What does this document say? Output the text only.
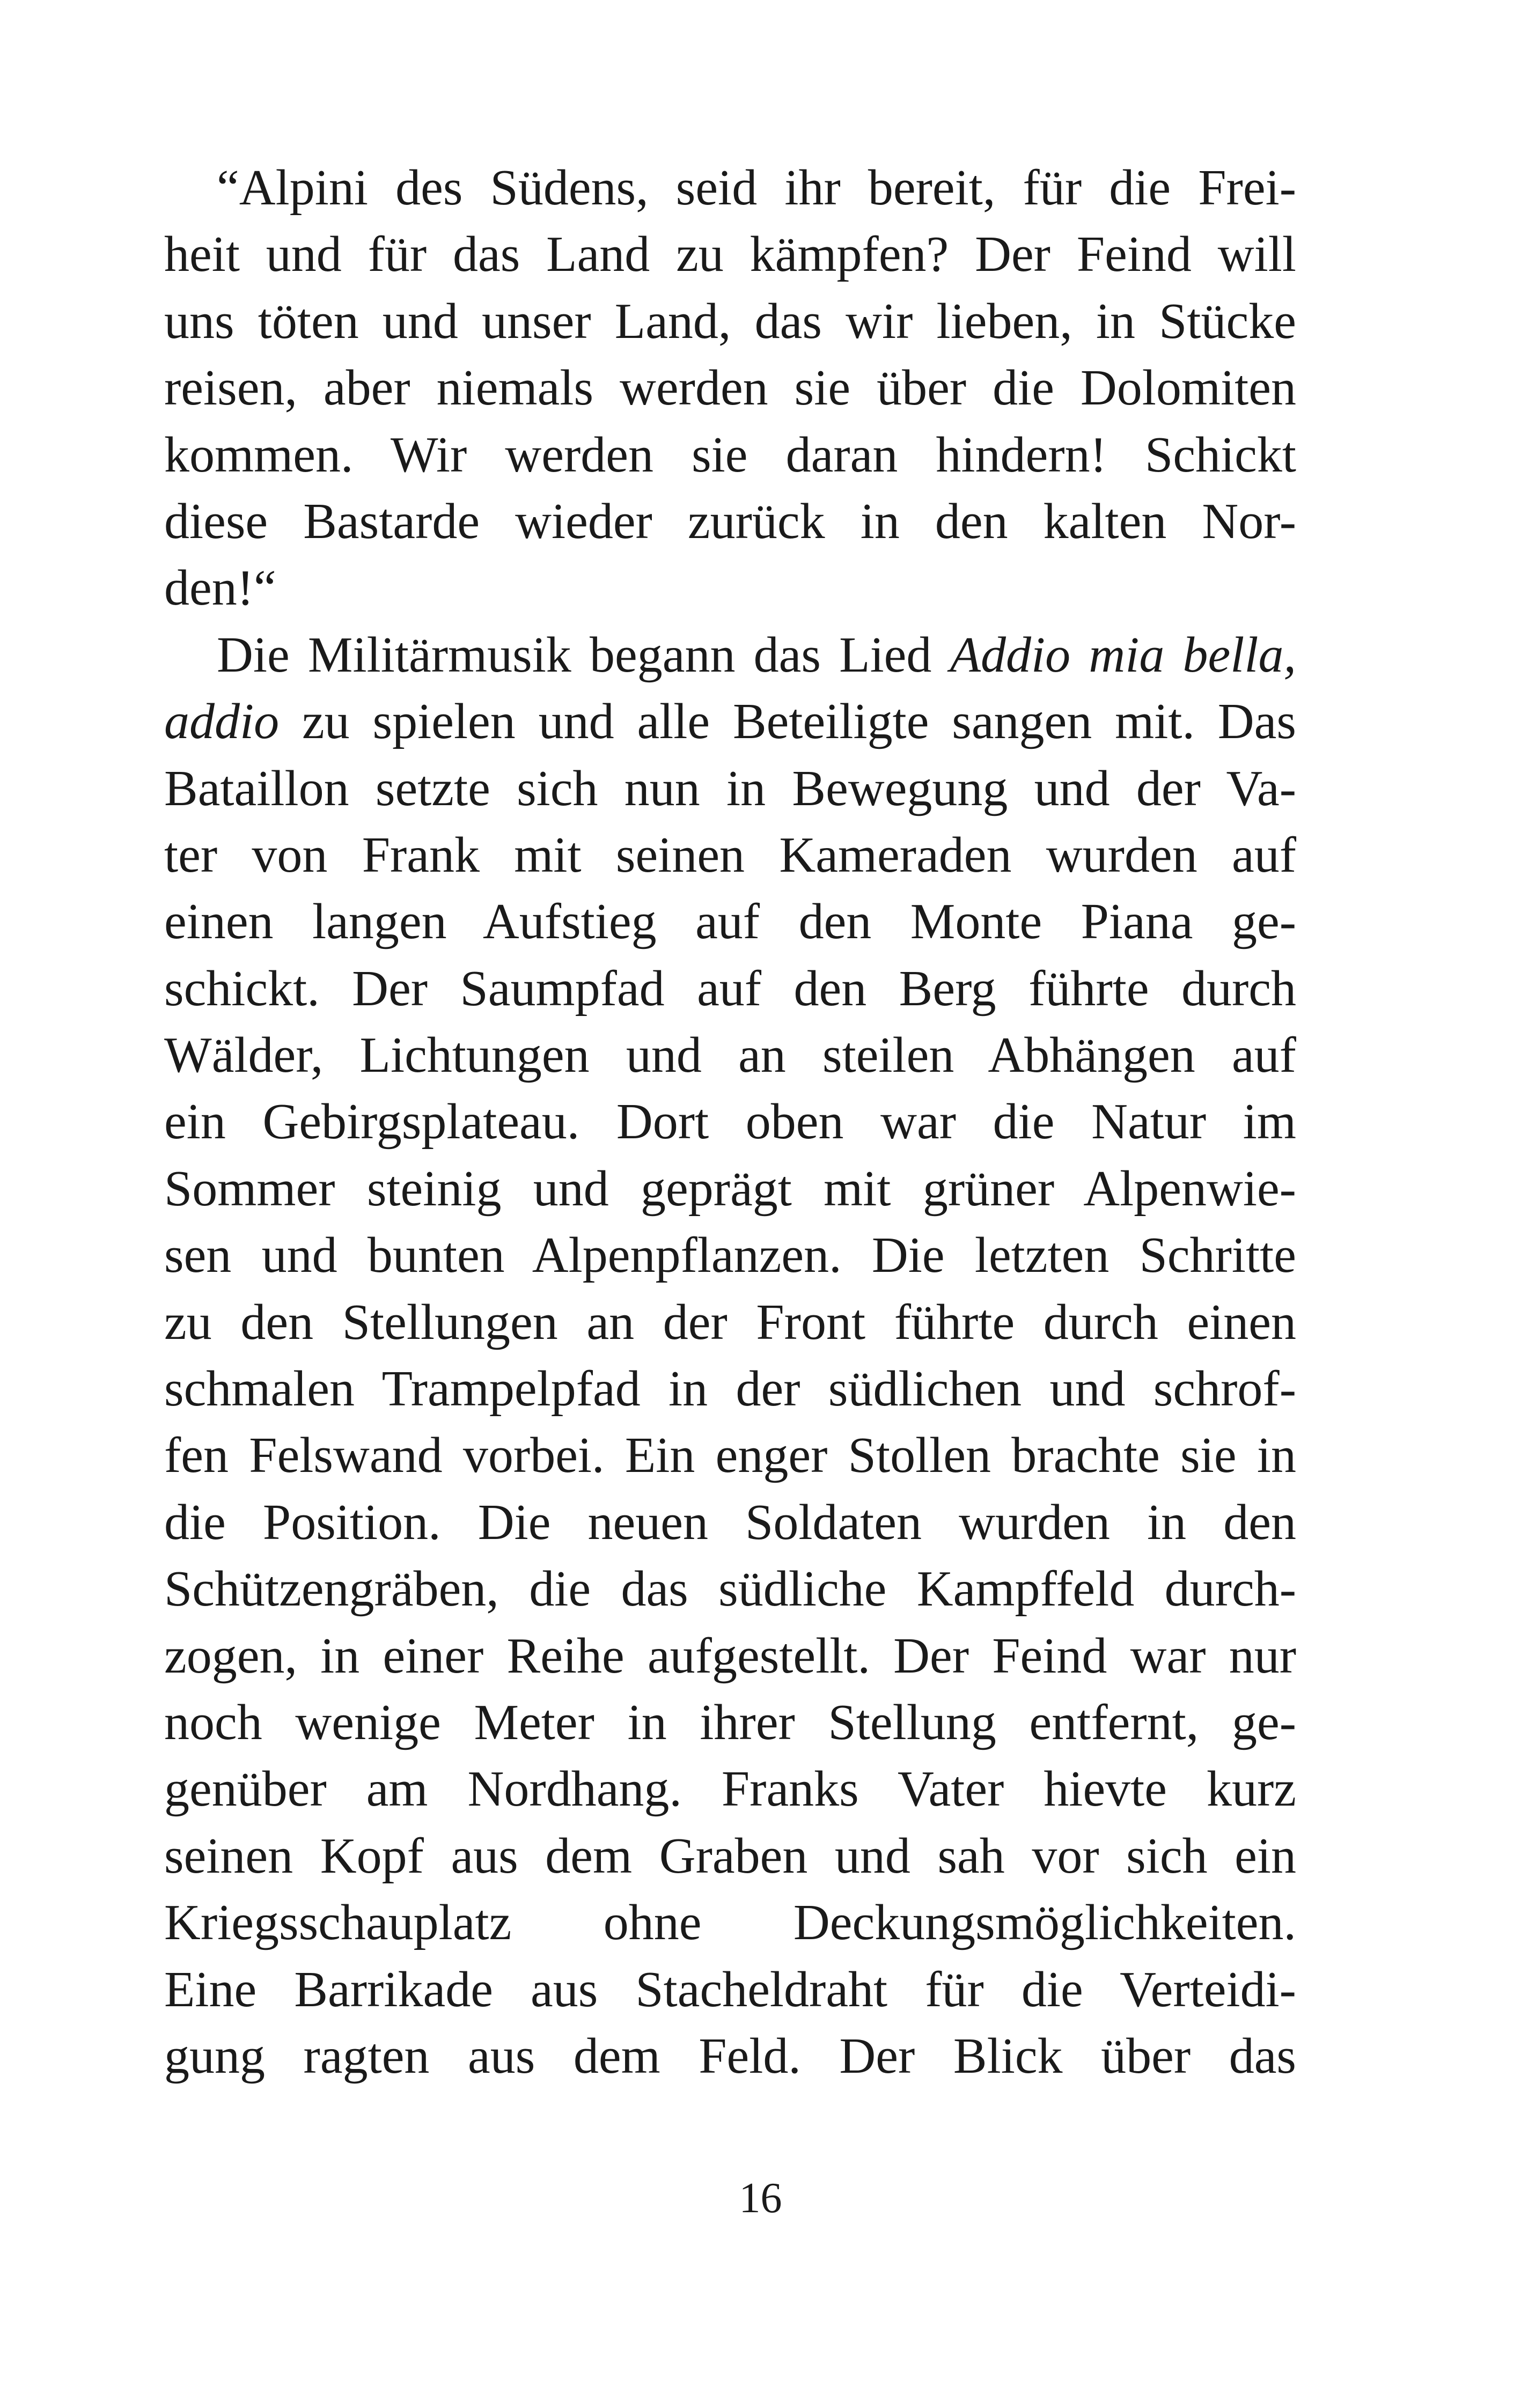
“Alpini des Südens, seid ihr bereit, für die Frei-
heit und für das Land zu kämpfen? Der Feind will
uns töten und unser Land, das wir lieben, in Stücke
reisen, aber niemals werden sie über die Dolomiten
kommen. Wir werden sie daran hindern! Schickt
diese Bastarde wieder zurück in den kalten Nor-
den!“
Die Militärmusik begann das Lied Addio mia bella,
addio zu spielen und alle Beteiligte sangen mit. Das
Bataillon setzte sich nun in Bewegung und der Va-
ter von Frank mit seinen Kameraden wurden auf
einen langen Aufstieg auf den Monte Piana ge-
schickt. Der Saumpfad auf den Berg führte durch
Wälder, Lichtungen und an steilen Abhängen auf
ein Gebirgsplateau. Dort oben war die Natur im
Sommer steinig und geprägt mit grüner Alpenwie-
sen und bunten Alpenpflanzen. Die letzten Schritte
zu den Stellungen an der Front führte durch einen
schmalen Trampelpfad in der südlichen und schrof-
fen Felswand vorbei. Ein enger Stollen brachte sie in
die Position. Die neuen Soldaten wurden in den
Schützengräben, die das südliche Kampffeld durch-
zogen, in einer Reihe aufgestellt. Der Feind war nur
noch wenige Meter in ihrer Stellung entfernt, ge-
genüber am Nordhang. Franks Vater hievte kurz
seinen Kopf aus dem Graben und sah vor sich ein
Kriegsschauplatz ohne Deckungsmöglichkeiten.
Eine Barrikade aus Stacheldraht für die Verteidi-
gung ragten aus dem Feld. Der Blick über das
16
